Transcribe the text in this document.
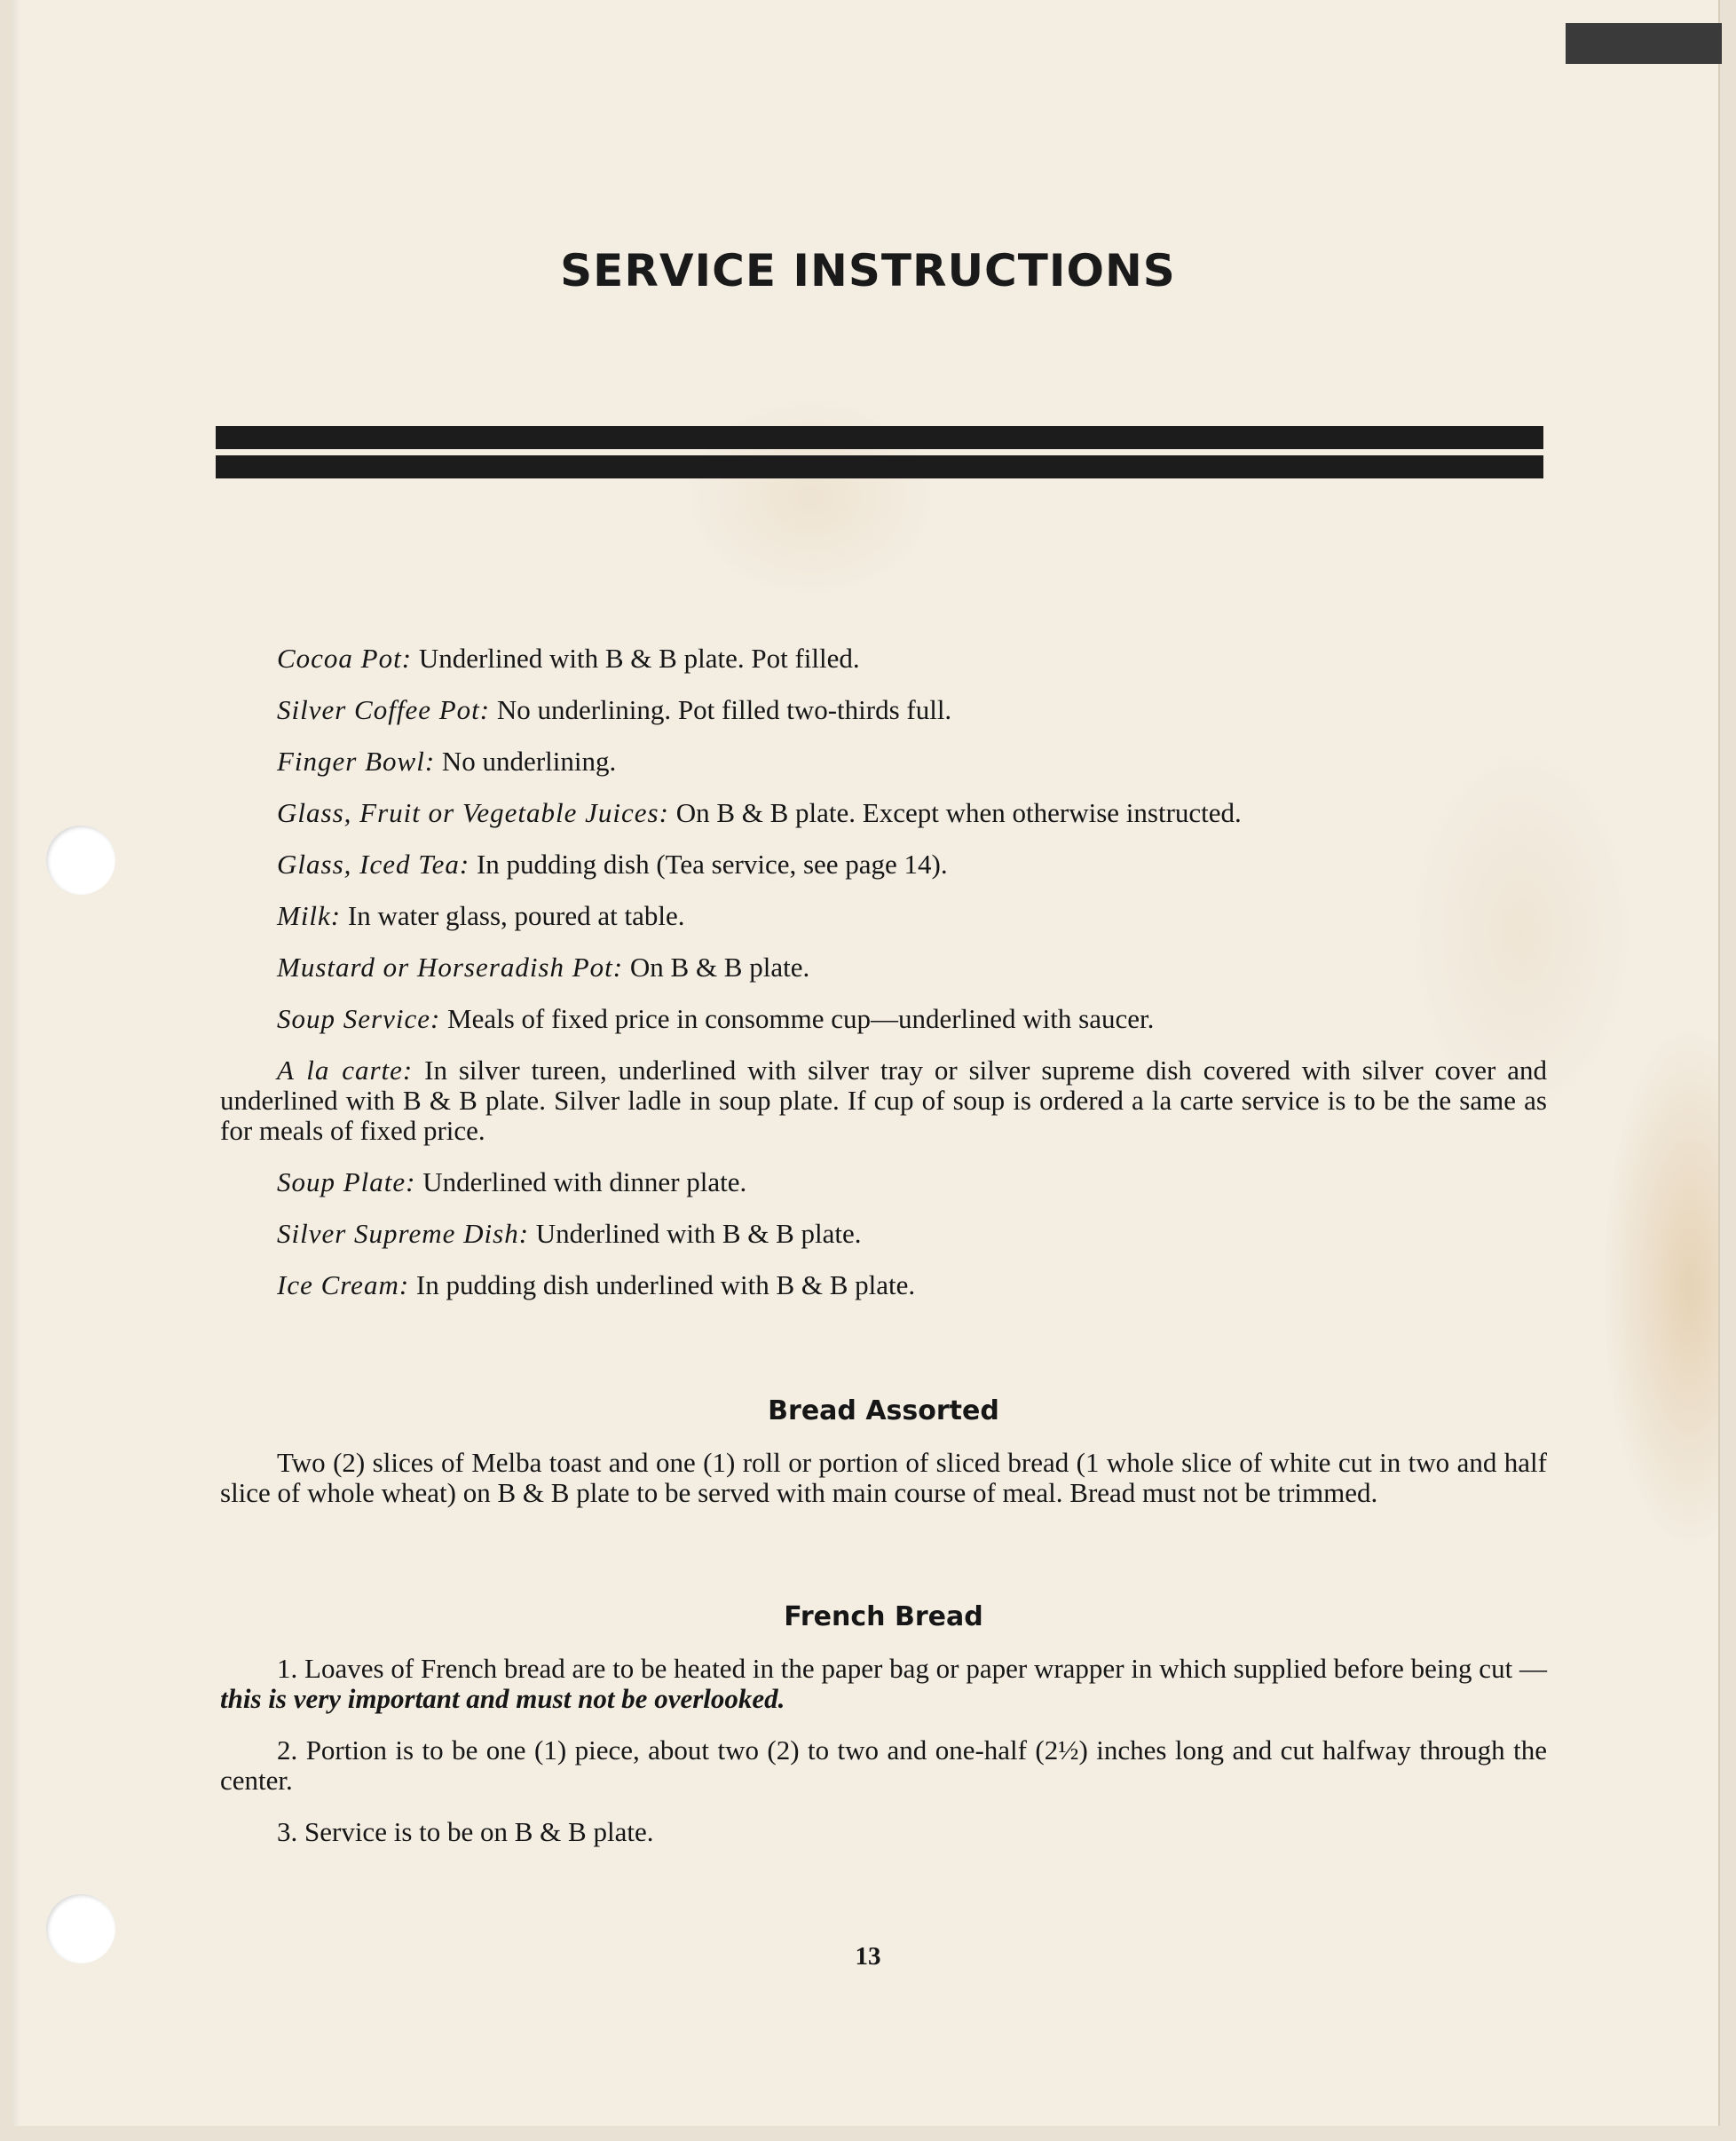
SERVICE INSTRUCTIONS

Cocoa Pot: Underlined with B & B plate. Pot filled.

Silver Coffee Pot: No underlining. Pot filled two-thirds full.

Finger Bowl: No underlining.

Glass, Fruit or Vegetable Juices: On B & B plate. Except when otherwise instructed.

Glass, Iced Tea: In pudding dish (Tea service, see page 14).

Milk: In water glass, poured at table.

Mustard or Horseradish Pot: On B & B plate.

Soup Service: Meals of fixed price in consomme cup—underlined with saucer.

A la carte: In silver tureen, underlined with silver tray or silver supreme dish covered with silver cover and underlined with B & B plate. Silver ladle in soup plate. If cup of soup is ordered a la carte service is to be the same as for meals of fixed price.

Soup Plate: Underlined with dinner plate.

Silver Supreme Dish: Underlined with B & B plate.

Ice Cream: In pudding dish underlined with B & B plate.

Bread Assorted

Two (2) slices of Melba toast and one (1) roll or portion of sliced bread (1 whole slice of white cut in two and half slice of whole wheat) on B & B plate to be served with main course of meal. Bread must not be trimmed.

French Bread

1. Loaves of French bread are to be heated in the paper bag or paper wrapper in which supplied before being cut — this is very important and must not be overlooked.

2. Portion is to be one (1) piece, about two (2) to two and one-half (2½) inches long and cut halfway through the center.

3. Service is to be on B & B plate.

13
